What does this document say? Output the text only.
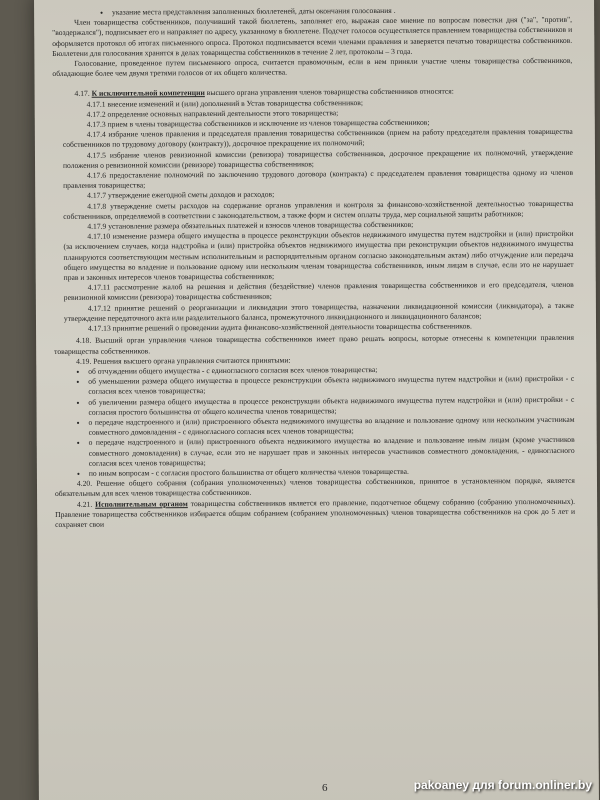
• указание места представления заполненных бюллетеней, даты окончания голосования .

Член товарищества собственников, получивший такой бюллетень, заполняет его, выражая свое мнение по вопросам повестки дня ("за", "против", "воздержался"), подписывает его и направляет по адресу, указанному в бюллетене. Подсчет голосов осуществляется правлением товарищества собственников и оформляется протокол об итогах письменного опроса. Протокол подписывается всеми членами правления и заверяется печатью товарищества собственников. Бюллетени для голосования хранятся в делах товарищества собственников в течение 2 лет, протоколы – 3 года.

Голосование, проведенное путем письменного опроса, считается правомочным, если в нем приняли участие члены товарищества собственников, обладающие более чем двумя третями голосов от их общего количества.

4.17. К исключительной компетенции высшего органа управления членов товарищества собственников относятся:

4.17.1 внесение изменений и (или) дополнений в Устав товарищества собственников;

4.17.2 определение основных направлений деятельности этого товарищества;

4.17.3 прием в члены товарищества собственников и исключение из членов товарищества собственников;

4.17.4 избрание членов правления и председателя правления товарищества собственников (прием на работу председателя правления товарищества собственников по трудовому договору (контракту)), досрочное прекращение их полномочий;

4.17.5 избрание членов ревизионной комиссии (ревизора) товарищества собственников, досрочное прекращение их полномочий, утверждение положения о ревизионной комиссии (ревизоре) товарищества собственников;

4.17.6 предоставление полномочий по заключению трудового договора (контракта) с председателем правления товарищества одному из членов правления товарищества;

4.17.7 утверждение ежегодной сметы доходов и расходов;

4.17.8 утверждение сметы расходов на содержание органов управления и контроля за финансово-хозяйственной деятельностью товарищества собственников, определяемой в соответствии с законодательством, а также форм и систем оплаты труда, мер социальной защиты работников;

4.17.9 установление размера обязательных платежей и взносов членов товарищества собственников;

4.17.10 изменение размера общего имущества в процессе реконструкции объектов недвижимого имущества путем надстройки и (или) пристройки (за исключением случаев, когда надстройка и (или) пристройка объектов недвижимого имущества при реконструкции объектов недвижимого имущества планируются соответствующим местным исполнительным и распорядительным органом согласно законодательным актам) либо отчуждение или передача общего имущества во владение и пользование одному или нескольким членам товарищества собственников, иным лицам в случае, если это не нарушает прав и законных интересов членов товарищества собственников;

4.17.11 рассмотрение жалоб на решения и действия (бездействие) членов правления товарищества собственников и его председателя, членов ревизионной комиссии (ревизора) товарищества собственников;

4.17.12 принятие решений о реорганизации и ликвидации этого товарищества, назначении ликвидационной комиссии (ликвидатора), а также утверждение передаточного акта или разделительного баланса, промежуточного ликвидационного и ликвидационного балансов;

4.17.13 принятие решений о проведении аудита финансово-хозяйственной деятельности товарищества собственников.

4.18. Высший орган управления членов товарищества собственников имеет право решать вопросы, которые отнесены к компетенции правления товарищества собственников.

4.19. Решения высшего органа управления считаются принятыми:

• об отчуждении общего имущества - с единогласного согласия всех членов товарищества;
• об уменьшении размера общего имущества в процессе реконструкции объекта недвижимого имущества путем надстройки и (или) пристройки - с согласия всех членов товарищества;
• об увеличении размера общего имущества в процессе реконструкции объекта недвижимого имущества путем надстройки и (или) пристройки - с согласия простого большинства от общего количества членов товарищества;
• о передаче надстроенного и (или) пристроенного объекта недвижимого имущества во владение и пользование одному или нескольким участникам совместного домовладения - с единогласного согласия всех членов товарищества;
• о передаче надстроенного и (или) пристроенного объекта недвижимого имущества во владение и пользование иным лицам (кроме участников совместного домовладения) в случае, если это не нарушает прав и законных интересов участников совместного домовладения, - единогласного согласия всех членов товарищества;
• по иным вопросам - с согласия простого большинства от общего количества членов товарищества.

4.20. Решение общего собрания (собрания уполномоченных) членов товарищества собственников, принятое в установленном порядке, является обязательным для всех членов товарищества собственников.

4.21. Исполнительным органом товарищества собственников является его правление, подотчетное общему собранию (собранию уполномоченных). Правление товарищества собственников избирается общим собранием (собранием уполномоченных) членов товарищества собственников на срок до 5 лет и сохраняет свои

6	pakoaney для forum.onliner.by
